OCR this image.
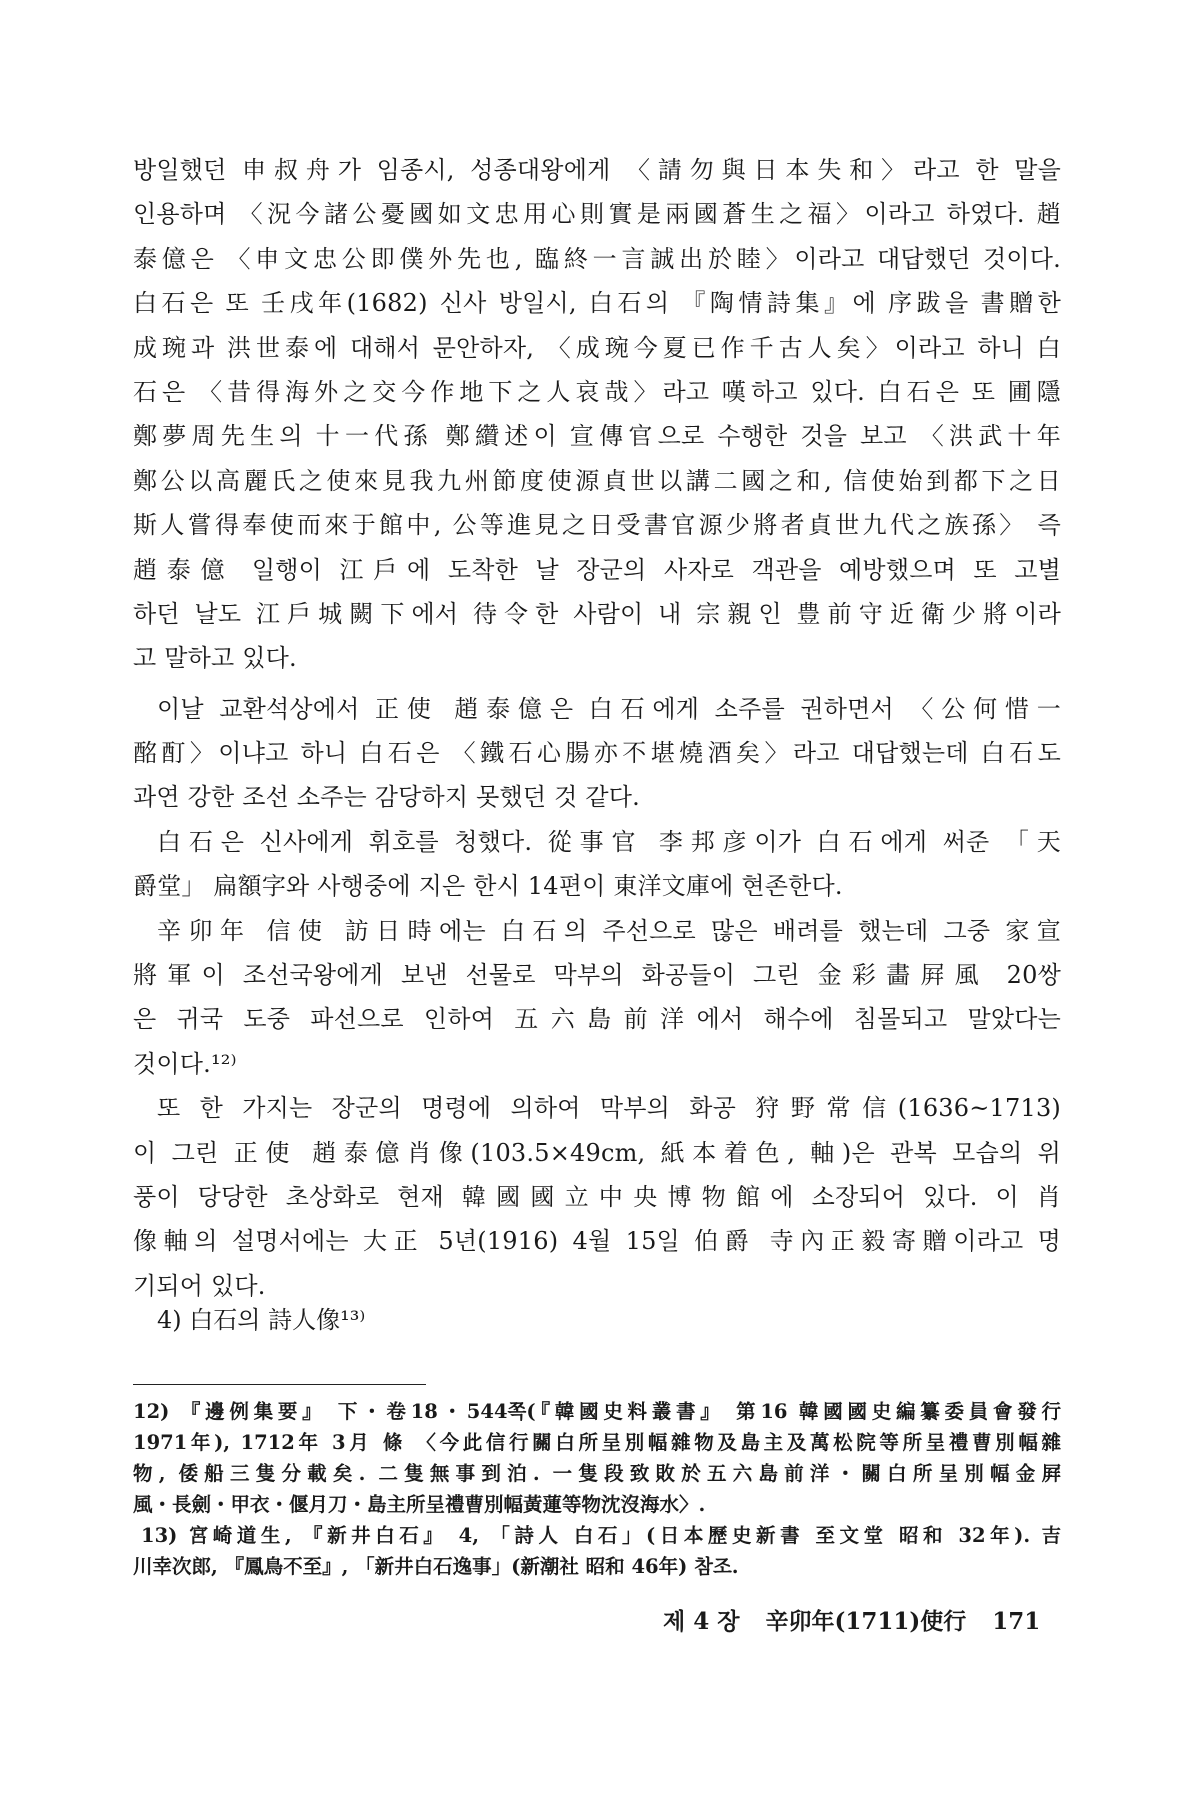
방일했던 申叔舟가 임종시, 성종대왕에게 〈請勿與日本失和〉라고 한 말을
인용하며 〈況今諸公憂國如文忠用心則實是兩國蒼生之福〉이라고 하였다. 趙
泰億은 〈申文忠公即僕外先也, 臨終一言誠出於睦〉이라고 대답했던 것이다.
白石은 또 壬戌年(1682) 신사 방일시, 白石의 『陶情詩集』에 序跋을 書贈한
成琬과 洪世泰에 대해서 문안하자, 〈成琬今夏已作千古人矣〉이라고 하니 白
石은 〈昔得海外之交今作地下之人哀哉〉라고 嘆하고 있다. 白石은 또 圃隱
鄭夢周先生의 十一代孫 鄭纘述이 宣傳官으로 수행한 것을 보고 〈洪武十年
鄭公以高麗氏之使來見我九州節度使源貞世以講二國之和, 信使始到都下之日
斯人嘗得奉使而來于館中, 公等進見之日受書官源少將者貞世九代之族孫〉 즉
趙泰億 일행이 江戶에 도착한 날 장군의 사자로 객관을 예방했으며 또 고별
하던 날도 江戶城闕下에서 待令한 사람이 내 宗親인 豊前守近衛少將이라
고 말하고 있다.
이날 교환석상에서 正使 趙泰億은 白石에게 소주를 권하면서 〈公何惜一
酩酊〉이냐고 하니 白石은 〈鐵石心腸亦不堪燒酒矣〉라고 대답했는데 白石도
과연 강한 조선 소주는 감당하지 못했던 것 같다.
白石은 신사에게 휘호를 청했다. 從事官 李邦彦이가 白石에게 써준 「天
爵堂」 扁額字와 사행중에 지은 한시 14편이 東洋文庫에 현존한다.
辛卯年 信使 訪日時에는 白石의 주선으로 많은 배려를 했는데 그중 家宣
將軍이 조선국왕에게 보낸 선물로 막부의 화공들이 그린 金彩畵屛風 20쌍
은 귀국 도중 파선으로 인하여 五六島前洋에서 해수에 침몰되고 말았다는
것이다.¹²⁾
또 한 가지는 장군의 명령에 의하여 막부의 화공 狩野常信(1636~1713)
이 그린 正使 趙泰億肖像(103.5×49cm, 紙本着色, 軸)은 관복 모습의 위
풍이 당당한 초상화로 현재 韓國國立中央博物館에 소장되어 있다. 이 肖
像軸의 설명서에는 大正 5년(1916) 4월 15일 伯爵 寺內正毅寄贈이라고 명
기되어 있다.
4) 白石의 詩人像¹³⁾
12) 『邊例集要』 下・卷18・544쪽(『韓國史料叢書』 第16 韓國國史編纂委員會發行
1971年), 1712年 3月 條 〈今此信行關白所呈別幅雜物及島主及萬松院等所呈禮曹別幅雜
物, 倭船三隻分載矣. 二隻無事到泊. 一隻段致敗於五六島前洋・關白所呈別幅金屛
風・長劍・甲衣・偃月刀・島主所呈禮曹別幅黃蓮等物沈沒海水〉.
13) 宮崎道生, 『新井白石』 4, 「詩人 白石」(日本歷史新書 至文堂 昭和 32年). 吉
川幸次郎, 『鳳鳥不至』, 「新井白石逸事」(新潮社 昭和 46年) 참조.
제 4 장 辛卯年(1711)使行 171
